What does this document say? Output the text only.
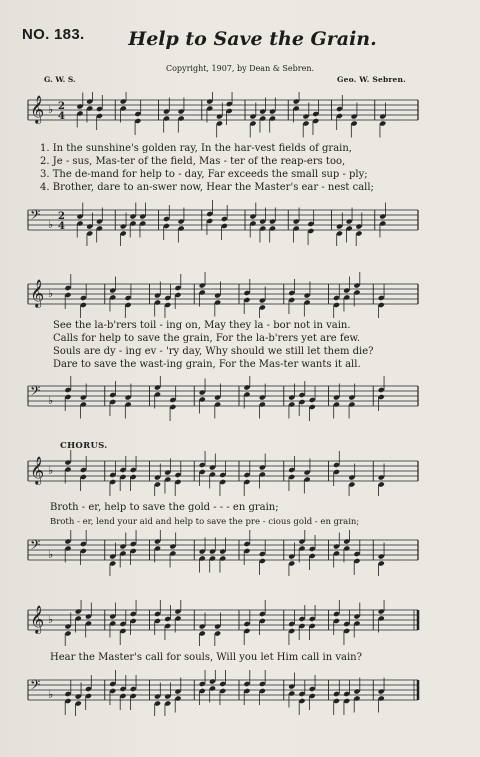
NO. 183.	Help to Save the Grain.
Copyright, 1907, by Dean & Sebren.
G. W. S.	Geo. W. Sebren.
𝄞 ♭ 2
4
1. In the sunshine's golden ray, In the har-vest fields of grain,
2. Je - sus, Mas-ter of the field, Mas - ter of the reap-ers too,
3. The de-mand for help to - day, Far exceeds the small sup - ply;
4. Brother, dare to an-swer now, Hear the Master's ear - nest call;
𝄢 ♭
2
4
𝄞 ♭
See the la-b'rers toil - ing on, May they la - bor not in vain.
Calls for help to save the grain, For the la-b'rers yet are few.
Souls are dy - ing ev - 'ry day, Why should we still let them die?
Dare to save the wast-ing grain, For the Mas-ter wants it all.
𝄢 ♭
CHORUS.
𝄞 ♭
Broth - er, help to save the gold - - - en grain;
Broth - er, lend your aid and help to save the pre - cious gold - en grain;
𝄢 ♭
𝄞 ♭
Hear the Master's call for souls, Will you let Him call in vain?
𝄢 ♭
